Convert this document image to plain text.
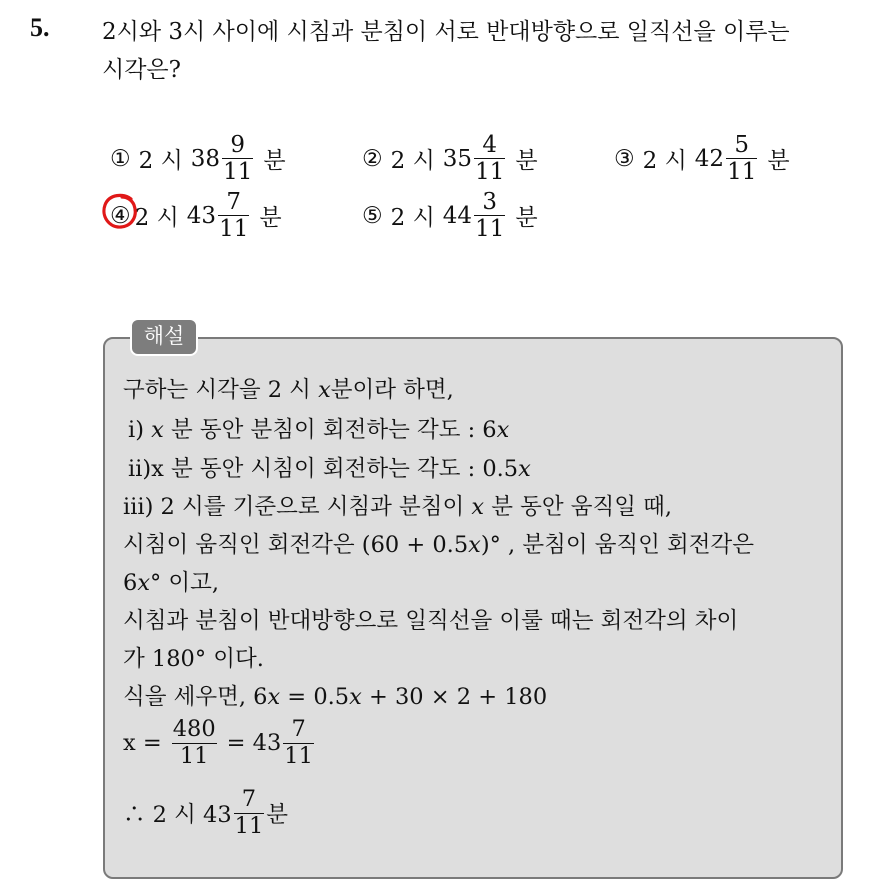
5. 2시와 3시 사이에 시침과 분침이 서로 반대방향으로 일직선을 이루는
시각은?
① 2 시 $38 \frac{9}{11}$ 분	② 2 시 $35 \frac{4}{11}$ 분	③ 2 시 $42 \frac{5}{11}$ 분
④ 2 시 $43 \frac{7}{11}$ 분	⑤ 2 시 $44 \frac{3}{11}$ 분
해설
구하는 시각을 2 시 x분이라 하면,
ⅰ) x 분 동안 분침이 회전하는 각도 : 6x
ⅱ)x 분 동안 시침이 회전하는 각도 : 0.5x
ⅲ) 2 시를 기준으로 시침과 분침이 x 분 동안 움직일 때,
시침이 움직인 회전각은 (60 + 0.5x)° , 분침이 움직인 회전각은
6x° 이고,
시침과 분침이 반대방향으로 일직선을 이룰 때는 회전각의 차이
가 180° 이다.
식을 세우면, 6x = 0.5x + 30 × 2 + 180
$x = \frac{480}{11} = 43 \frac{7}{11}$
∴ 2 시 $43 \frac{7}{11}$ 분
